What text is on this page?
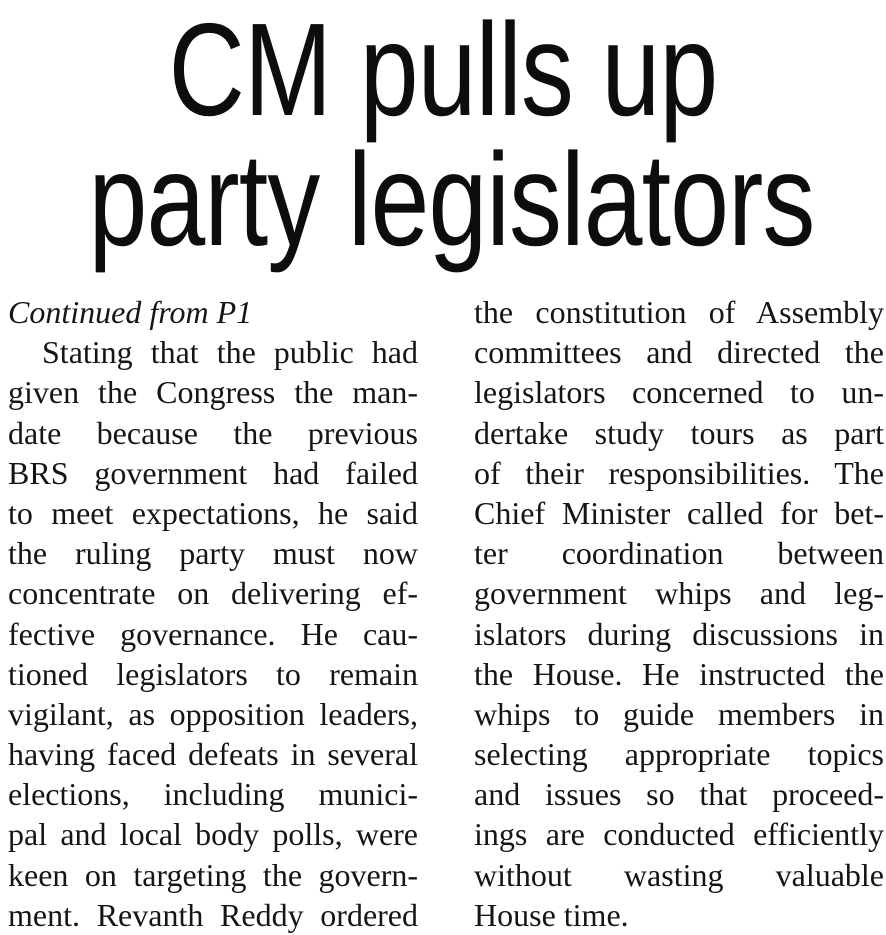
CM pulls up
party legislators
Continued from P1
Stating that the public had
given the Congress the man-
date because the previous
BRS government had failed
to meet expectations, he said
the ruling party must now
concentrate on delivering ef-
fective governance. He cau-
tioned legislators to remain
vigilant, as opposition leaders,
having faced defeats in several
elections, including munici-
pal and local body polls, were
keen on targeting the govern-
ment. Revanth Reddy ordered
the constitution of Assembly
committees and directed the
legislators concerned to un-
dertake study tours as part
of their responsibilities. The
Chief Minister called for bet-
ter coordination between
government whips and leg-
islators during discussions in
the House. He instructed the
whips to guide members in
selecting appropriate topics
and issues so that proceed-
ings are conducted efficiently
without wasting valuable
House time.
